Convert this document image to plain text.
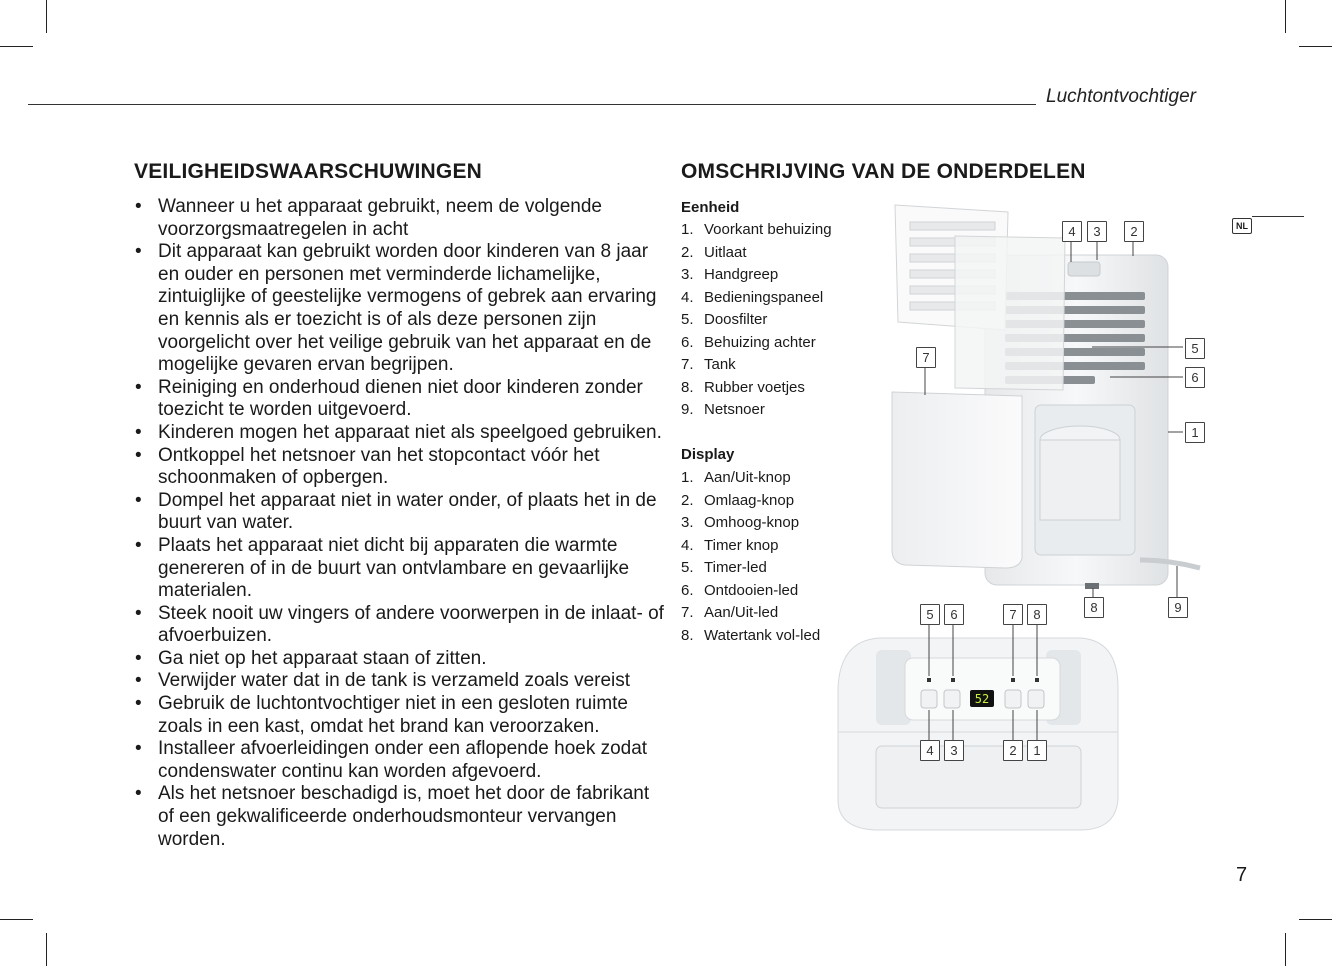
Luchtontvochtiger
NL
VEILIGHEIDSWAARSCHUWINGEN
• Wanneer u het apparaat gebruikt, neem de volgende voorzorgsmaatregelen in acht
• Dit apparaat kan gebruikt worden door kinderen van 8 jaar en ouder en personen met verminderde lichamelijke, zintuiglijke of geestelijke vermogens of gebrek aan ervaring en kennis als er toezicht is of als deze personen zijn voorgelicht over het veilige gebruik van het apparaat en de mogelijke gevaren ervan begrijpen.
• Reiniging en onderhoud dienen niet door kinderen zonder toezicht te worden uitgevoerd.
• Kinderen mogen het apparaat niet als speelgoed gebruiken.
• Ontkoppel het netsnoer van het stopcontact vóór het schoonmaken of opbergen.
• Dompel het apparaat niet in water onder, of plaats het in de buurt van water.
• Plaats het apparaat niet dicht bij apparaten die warmte genereren of in de buurt van ontvlambare en gevaarlijke materialen.
• Steek nooit uw vingers of andere voorwerpen in de inlaat- of afvoerbuizen.
• Ga niet op het apparaat staan of zitten.
• Verwijder water dat in de tank is verzameld zoals vereist
• Gebruik de luchtontvochtiger niet in een gesloten ruimte zoals in een kast, omdat het brand kan veroorzaken.
• Installeer afvoerleidingen onder een aflopende hoek zodat condenswater continu kan worden afgevoerd.
• Als het netsnoer beschadigd is, moet het door de fabrikant of een gekwalificeerde onderhoudsmonteur vervangen worden.
OMSCHRIJVING VAN DE ONDERDELEN
Eenheid
1. Voorkant behuizing
2. Uitlaat
3. Handgreep
4. Bedieningspaneel
5. Doosfilter
6. Behuizing achter
7. Tank
8. Rubber voetjes
9. Netsnoer
Display
1. Aan/Uit-knop
2. Omlaag-knop
3. Omhoog-knop
4. Timer knop
5. Timer-led
6. Ontdooien-led
7. Aan/Uit-led
8. Watertank vol-led
52
4	3	2
7
5
6
1
8	9
5	6	7	8
4	3	2	1
7
